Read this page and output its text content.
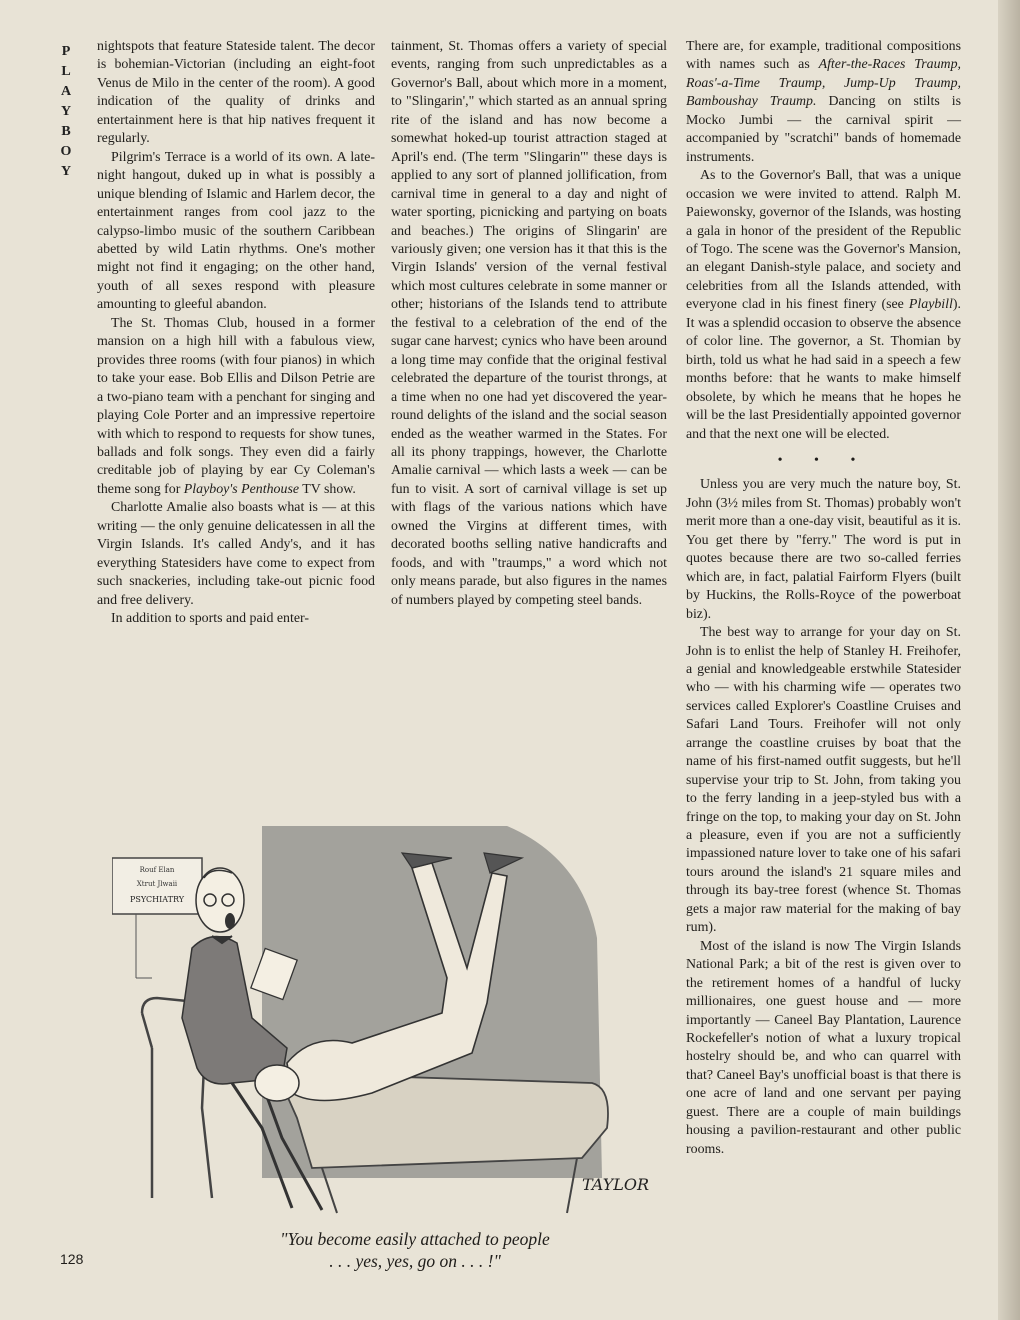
P
L
A
Y
B
O
Y

nightspots that feature Stateside talent. The decor is bohemian-Victorian (including an eight-foot Venus de Milo in the center of the room). A good indication of the quality of drinks and entertainment here is that hip natives frequent it regularly.

Pilgrim's Terrace is a world of its own. A late-night hangout, duked up in what is possibly a unique blending of Islamic and Harlem decor, the entertainment ranges from cool jazz to the calypso-limbo music of the southern Caribbean abetted by wild Latin rhythms. One's mother might not find it engaging; on the other hand, youth of all sexes respond with pleasure amounting to gleeful abandon.

The St. Thomas Club, housed in a former mansion on a high hill with a fabulous view, provides three rooms (with four pianos) in which to take your ease. Bob Ellis and Dilson Petrie are a two-piano team with a penchant for singing and playing Cole Porter and an impressive repertoire with which to respond to requests for show tunes, ballads and folk songs. They even did a fairly creditable job of playing by ear Cy Coleman's theme song for Playboy's Penthouse TV show.

Charlotte Amalie also boasts what is — at this writing — the only genuine delicatessen in all the Virgin Islands. It's called Andy's, and it has everything Statesiders have come to expect from such snackeries, including take-out picnic food and free delivery.

In addition to sports and paid enter-

tainment, St. Thomas offers a variety of special events, ranging from such unpredictables as a Governor's Ball, about which more in a moment, to "Slingarin'," which started as an annual spring rite of the island and has now become a somewhat hoked-up tourist attraction staged at April's end. (The term "Slingarin'" these days is applied to any sort of planned jollification, from carnival time in general to a day and night of water sporting, picnicking and partying on boats and beaches.) The origins of Slingarin' are variously given; one version has it that this is the Virgin Islands' version of the vernal festival which most cultures celebrate in some manner or other; historians of the Islands tend to attribute the festival to a celebration of the end of the sugar cane harvest; cynics who have been around a long time may confide that the original festival celebrated the departure of the tourist throngs, at a time when no one had yet discovered the year-round delights of the island and the social season ended as the weather warmed in the States. For all its phony trappings, however, the Charlotte Amalie carnival — which lasts a week — can be fun to visit. A sort of carnival village is set up with flags of the various nations which have owned the Virgins at different times, with decorated booths selling native handicrafts and foods, and with "traumps," a word which not only means parade, but also figures in the names of numbers played by competing steel bands.

There are, for example, traditional compositions with names such as After-the-Races Traump, Roas'-a-Time Traump, Jump-Up Traump, Bamboushay Traump. Dancing on stilts is Mocko Jumbi — the carnival spirit — accompanied by "scratchi" bands of homemade instruments.

As to the Governor's Ball, that was a unique occasion we were invited to attend. Ralph M. Paiewonsky, governor of the Islands, was hosting a gala in honor of the president of the Republic of Togo. The scene was the Governor's Mansion, an elegant Danish-style palace, and society and celebrities from all the Islands attended, with everyone clad in his finest finery (see Playbill). It was a splendid occasion to observe the absence of color line. The governor, a St. Thomian by birth, told us what he had said in a speech a few months before: that he wants to make himself obsolete, by which he means that he hopes he will be the last Presidentially appointed governor and that the next one will be elected.

• • •

Unless you are very much the nature boy, St. John (3½ miles from St. Thomas) probably won't merit more than a one-day visit, beautiful as it is. You get there by "ferry." The word is put in quotes because there are two so-called ferries which are, in fact, palatial Fairform Flyers (built by Huckins, the Rolls-Royce of the powerboat biz).

The best way to arrange for your day on St. John is to enlist the help of Stanley H. Freihofer, a genial and knowledgeable erstwhile Statesider who — with his charming wife — operates two services called Explorer's Coastline Cruises and Safari Land Tours. Freihofer will not only arrange the coastline cruises by boat that the name of his first-named outfit suggests, but he'll supervise your trip to St. John, from taking you to the ferry landing in a jeep-styled bus with a fringe on the top, to making your day on St. John a pleasure, even if you are not a sufficiently impassioned nature lover to take one of his safari tours around the island's 21 square miles and through its bay-tree forest (whence St. Thomas gets a major raw material for the making of bay rum).

Most of the island is now The Virgin Islands National Park; a bit of the rest is given over to the retirement homes of a handful of lucky millionaires, one guest house and — more importantly — Caneel Bay Plantation, Laurence Rockefeller's notion of what a luxury tropical hostelry should be, and who can quarrel with that? Caneel Bay's unofficial boast is that there is one acre of land and one servant per paying guest. There are a couple of main buildings housing a pavilion-restaurant and other public rooms.

Rouf Elan
Xtrut Jlwaii
PSYCHIATRY
TAYLOR
"You become easily attached to people
. . . yes, yes, go on . . . !"
128
